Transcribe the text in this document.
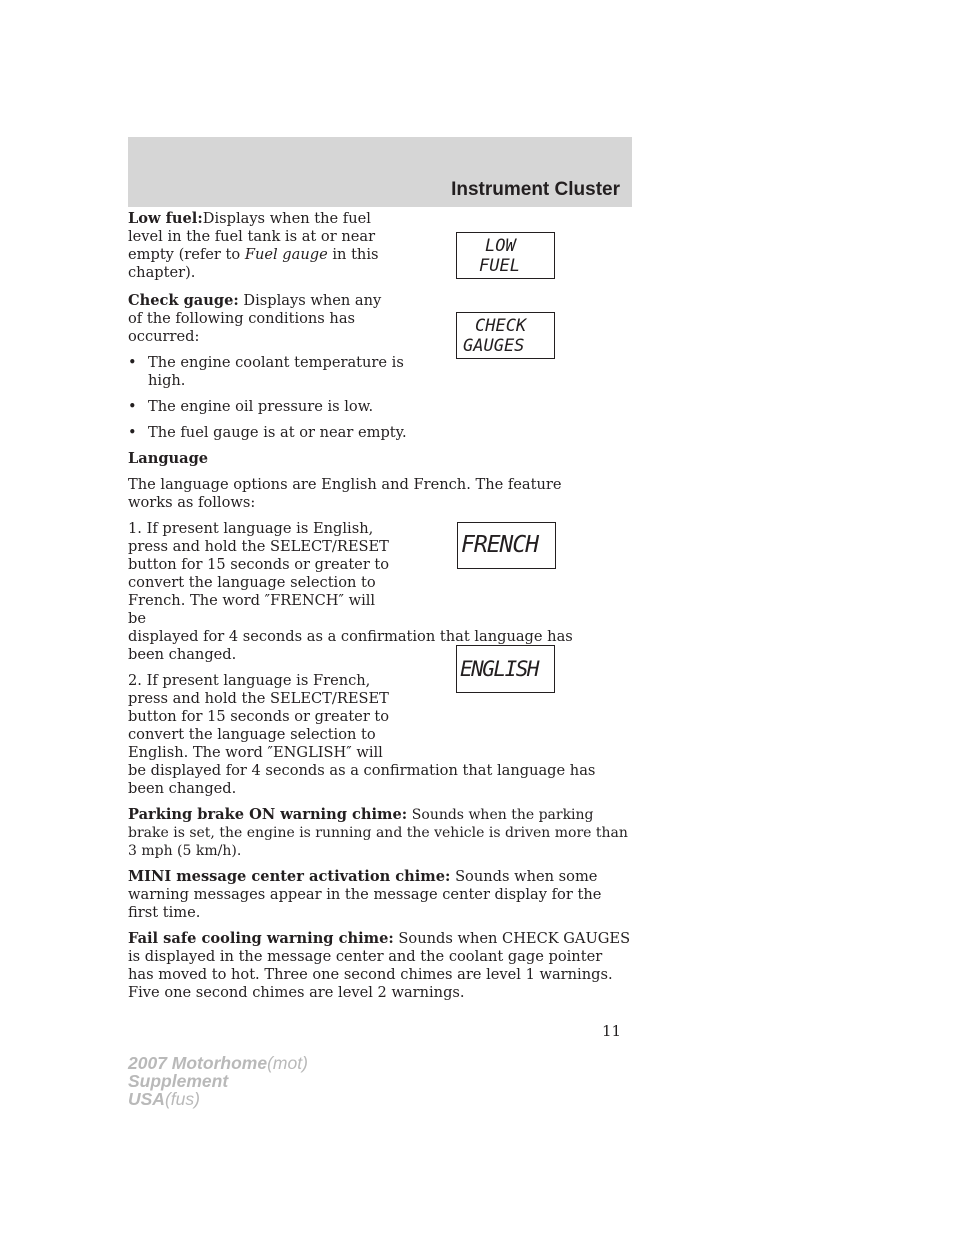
Instrument Cluster
LOW
FUEL
CHECK
GAUGES
FRENCH
ENGLISH

Low fuel:Displays when the fuel level in the fuel tank is at or near empty (refer to Fuel gauge in this chapter).

Check gauge: Displays when any of the following conditions has occurred:

• The engine coolant temperature is high.

• The engine oil pressure is low.

• The fuel gauge is at or near empty.

Language

The language options are English and French. The feature works as follows:

1. If present language is English, press and hold the SELECT/RESET button for 15 seconds or greater to convert the language selection to French. The word ″FRENCH″ will be

displayed for 4 seconds as a confirmation that language has been changed.

2. If present language is French, press and hold the SELECT/RESET button for 15 seconds or greater to convert the language selection to English. The word ″ENGLISH″ will

be displayed for 4 seconds as a confirmation that language has been changed.

Parking brake ON warning chime: Sounds when the parking brake is set, the engine is running and the vehicle is driven more than 3 mph (5 km/h).

MINI message center activation chime: Sounds when some warning messages appear in the message center display for the first time.

Fail safe cooling warning chime: Sounds when CHECK GAUGES is displayed in the message center and the coolant gage pointer has moved to hot. Three one second chimes are level 1 warnings. Five one second chimes are level 2 warnings.

11
2007 Motorhome(mot)
Supplement
USA(fus)
